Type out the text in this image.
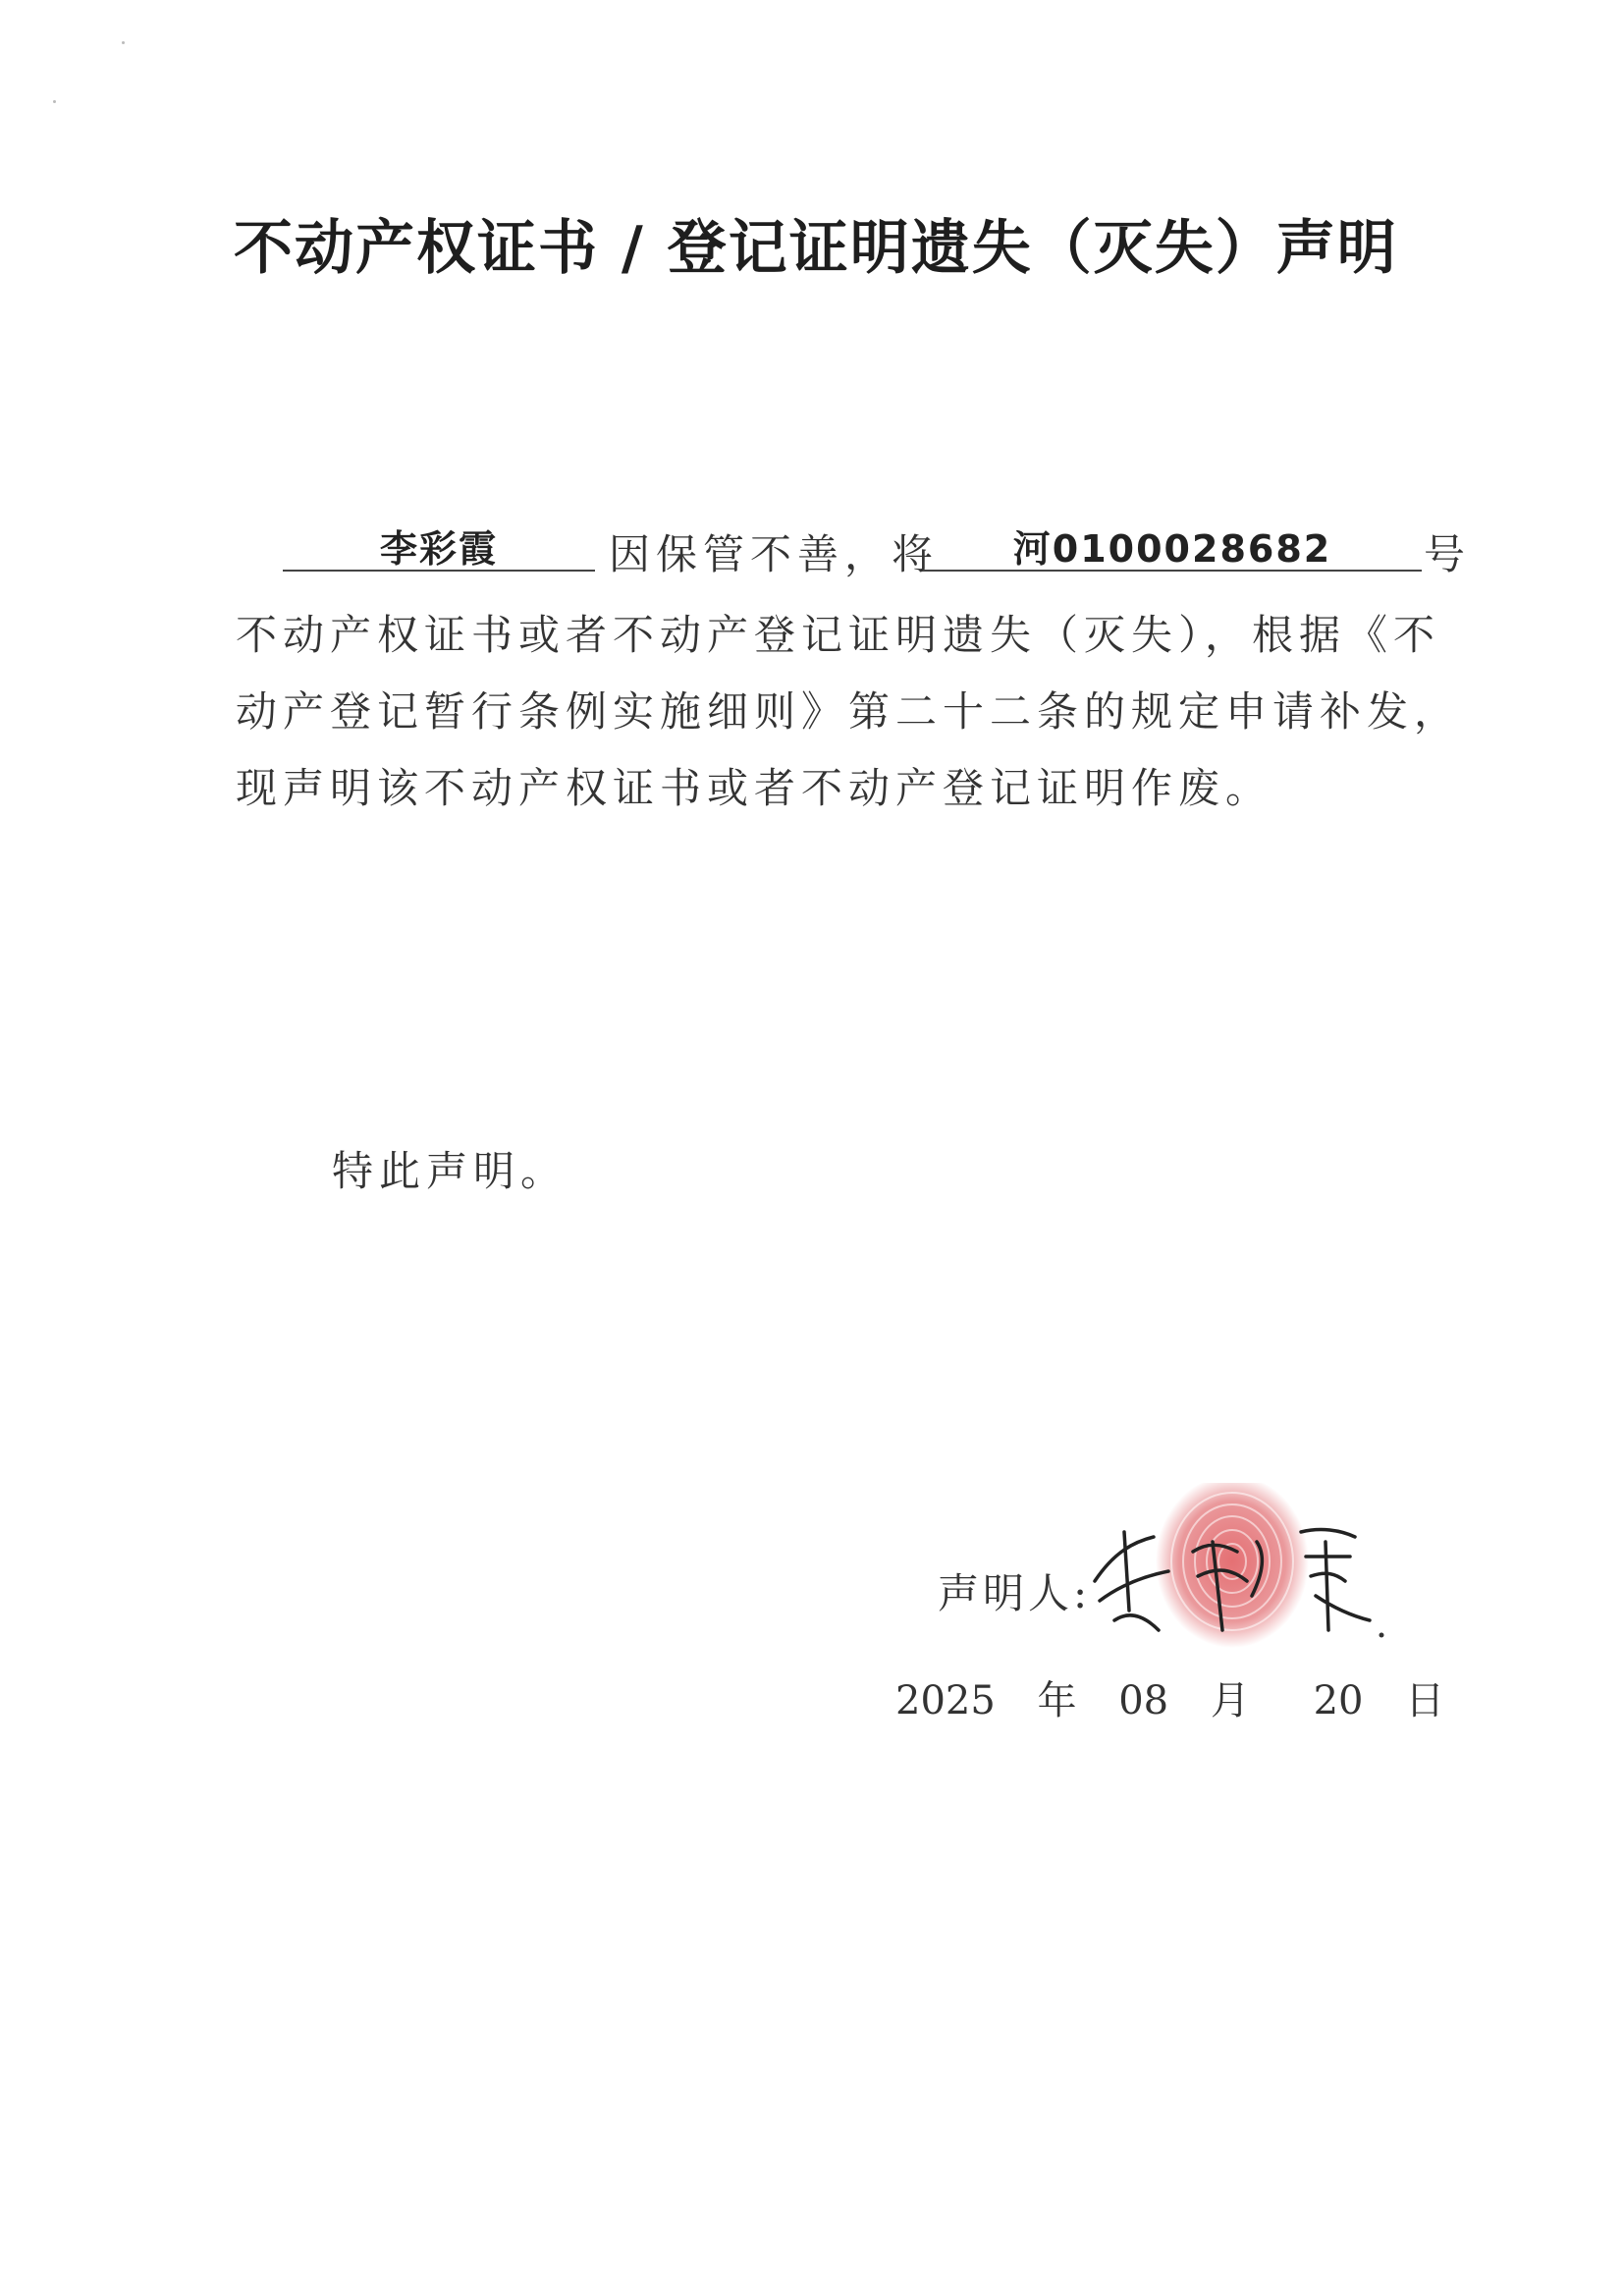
不动产权证书 / 登记证明遗失（灭失）声明
李彩霞	因保管不善，将	河0100028682	号
不动产权证书或者不动产登记证明遗失（灭失），根据《不
动产登记暂行条例实施细则》第二十二条的规定申请补发，
现声明该不动产权证书或者不动产登记证明作废。
特此声明。
声明人:
2025 年 08 月 20 日
